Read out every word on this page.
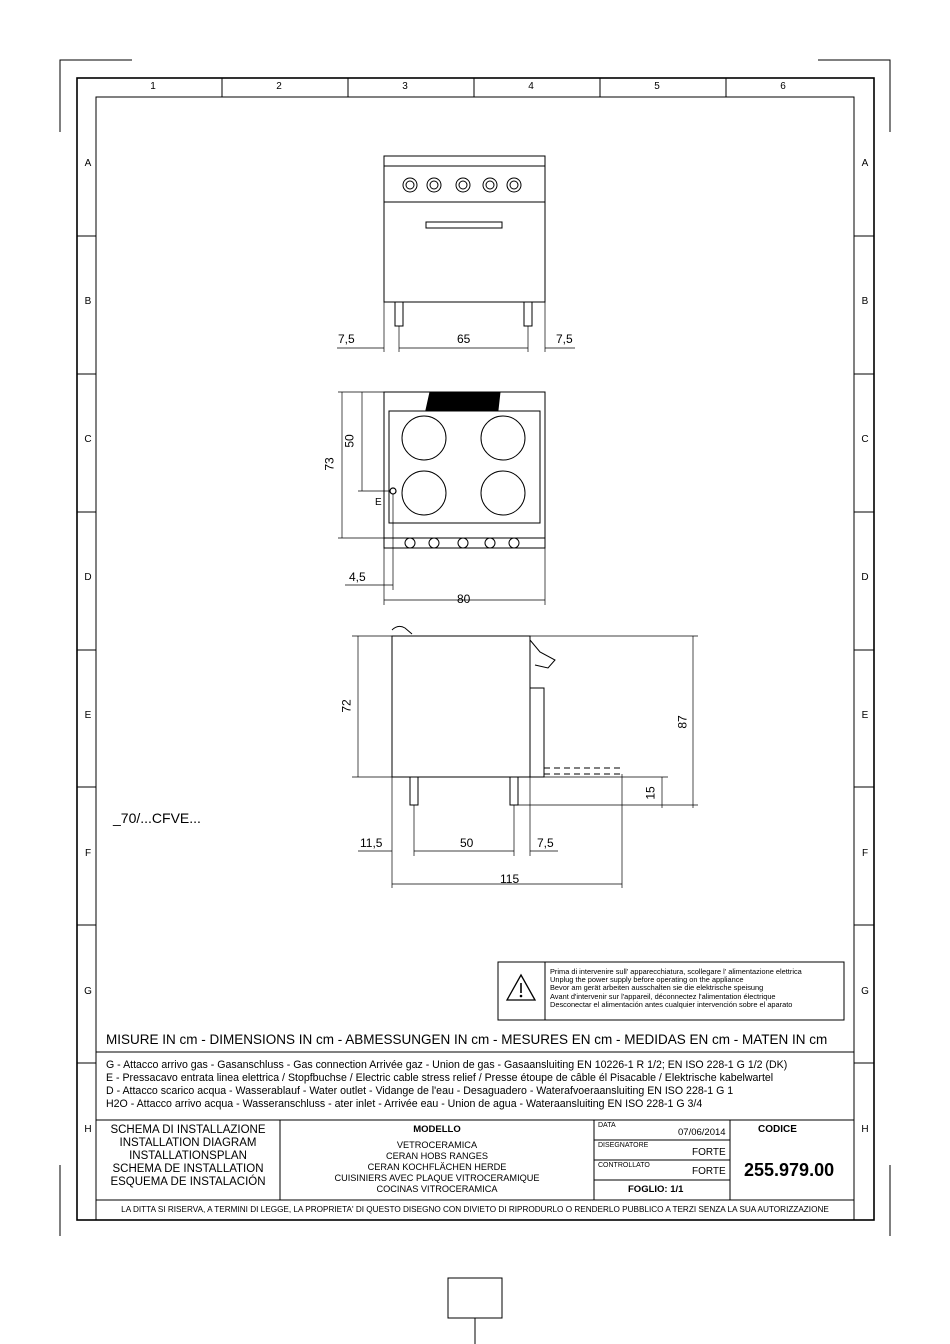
1	2	3	4	5	6
A
B
C
D
E
F
G
H
A
B
C
D
E
F
G
H
7,5	65	7,5
73
50
E
4,5
80
72
87
15
11,5	50	7,5
115
_70/...CFVE...
Prima di intervenire sull' apparecchiatura, scollegare l' alimentazione elettrica
Unplug the power supply before operating on the appliance
Bevor am gerät arbeiten ausschalten sie die elektrische speisung
Avant d'intervenir sur l'appareil, déconnectez l'alimentation électrique
Desconectar el alimentación antes cualquier intervención sobre el aparato
MISURE IN cm - DIMENSIONS IN cm - ABMESSUNGEN IN cm - MESURES EN cm - MEDIDAS EN cm - MATEN IN cm
G - Attacco arrivo gas - Gasanschluss - Gas connection Arrivée gaz - Union de gas - Gasaansluiting EN 10226-1 R 1/2; EN ISO 228-1 G 1/2 (DK)
E - Pressacavo entrata linea elettrica / Stopfbuchse / Electric cable stress relief / Presse étoupe de câble él Pisacable / Elektrische kabelwartel
D - Attacco scarico acqua - Wasserablauf - Water outlet - Vidange de l'eau - Desaguadero - Waterafvoeraansluiting EN ISO 228-1 G 1
H2O - Attacco arrivo acqua - Wasseranschluss - ater inlet - Arrivée eau - Union de agua - Wateraansluiting EN ISO 228-1 G 3/4
SCHEMA DI INSTALLAZIONE
INSTALLATION DIAGRAM
INSTALLATIONSPLAN
SCHEMA DE INSTALLATION
ESQUEMA DE INSTALACIÓN
MODELLO
VETROCERAMICA
CERAN HOBS RANGES
CERAN KOCHFLÄCHEN HERDE
CUISINIERS AVEC PLAQUE VITROCERAMIQUE
COCINAS VITROCERAMICA
DATA
07/06/2014
DISEGNATORE
FORTE
CONTROLLATO
FORTE
FOGLIO: 1/1
CODICE
255.979.00
LA DITTA SI RISERVA, A TERMINI DI LEGGE, LA PROPRIETA' DI QUESTO DISEGNO CON DIVIETO DI RIPRODURLO O RENDERLO PUBBLICO A TERZI SENZA LA SUA AUTORIZZAZIONE
